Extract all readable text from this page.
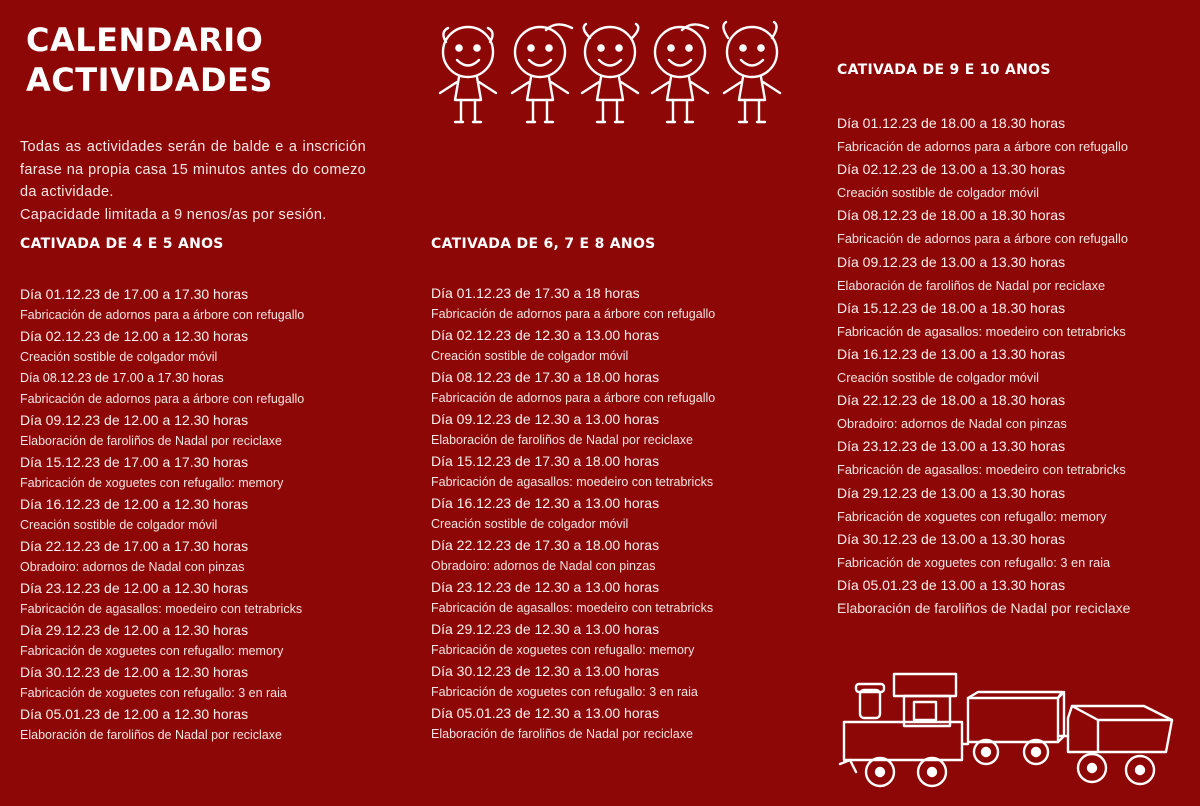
CALENDARIO
ACTIVIDADES

Todas as actividades serán de balde e a inscrición farase na propia casa 15 minutos antes do comezo da actividade.

Capacidade limitada a 9 nenos/as por sesión.

CATIVADA DE 4 E 5 ANOS
Día 01.12.23 de 17.00 a 17.30 horas
Fabricación de adornos para a árbore con refugallo
Día 02.12.23 de 12.00 a 12.30 horas
Creación sostible de colgador móvil
Día 08.12.23 de 17.00 a 17.30 horas
Fabricación de adornos para a árbore con refugallo
Día 09.12.23 de 12.00 a 12.30 horas
Elaboración de faroliños de Nadal por reciclaxe
Día 15.12.23 de 17.00 a 17.30 horas
Fabricación de xoguetes con refugallo: memory
Día 16.12.23 de 12.00 a 12.30 horas
Creación sostible de colgador móvil
Día 22.12.23 de 17.00 a 17.30 horas
Obradoiro: adornos de Nadal con pinzas
Día 23.12.23 de 12.00 a 12.30 horas
Fabricación de agasallos: moedeiro con tetrabricks
Día 29.12.23 de 12.00 a 12.30 horas
Fabricación de xoguetes con refugallo: memory
Día 30.12.23 de 12.00 a 12.30 horas
Fabricación de xoguetes con refugallo: 3 en raia
Día 05.01.23 de 12.00 a 12.30 horas
Elaboración de faroliños de Nadal por reciclaxe
CATIVADA DE 6, 7 E 8 ANOS
Día 01.12.23 de 17.30 a 18 horas
Fabricación de adornos para a árbore con refugallo
Día 02.12.23 de 12.30 a 13.00 horas
Creación sostible de colgador móvil
Día 08.12.23 de 17.30 a 18.00 horas
Fabricación de adornos para a árbore con refugallo
Día 09.12.23 de 12.30 a 13.00 horas
Elaboración de faroliños de Nadal por reciclaxe
Día 15.12.23 de 17.30 a 18.00 horas
Fabricación de agasallos: moedeiro con tetrabricks
Día 16.12.23 de 12.30 a 13.00 horas
Creación sostible de colgador móvil
Día 22.12.23 de 17.30 a 18.00 horas
Obradoiro: adornos de Nadal con pinzas
Día 23.12.23 de 12.30 a 13.00 horas
Fabricación de agasallos: moedeiro con tetrabricks
Día 29.12.23 de 12.30 a 13.00 horas
Fabricación de xoguetes con refugallo: memory
Día 30.12.23 de 12.30 a 13.00 horas
Fabricación de xoguetes con refugallo: 3 en raia
Día 05.01.23 de 12.30 a 13.00 horas
Elaboración de faroliños de Nadal por reciclaxe
CATIVADA DE 9 E 10 ANOS
Día 01.12.23 de 18.00 a 18.30 horas
Fabricación de adornos para a árbore con refugallo
Día 02.12.23 de 13.00 a 13.30 horas
Creación sostible de colgador móvil
Día 08.12.23 de 18.00 a 18.30 horas
Fabricación de adornos para a árbore con refugallo
Día 09.12.23 de 13.00 a 13.30 horas
Elaboración de faroliños de Nadal por reciclaxe
Día 15.12.23 de 18.00 a 18.30 horas
Fabricación de agasallos: moedeiro con tetrabricks
Día 16.12.23 de 13.00 a 13.30 horas
Creación sostible de colgador móvil
Día 22.12.23 de 18.00 a 18.30 horas
Obradoiro: adornos de Nadal con pinzas
Día 23.12.23 de 13.00 a 13.30 horas
Fabricación de agasallos: moedeiro con tetrabricks
Día 29.12.23 de 13.00 a 13.30 horas
Fabricación de xoguetes con refugallo: memory
Día 30.12.23 de 13.00 a 13.30 horas
Fabricación de xoguetes con refugallo: 3 en raia
Día 05.01.23 de 13.00 a 13.30 horas
Elaboración de faroliños de Nadal por reciclaxe
